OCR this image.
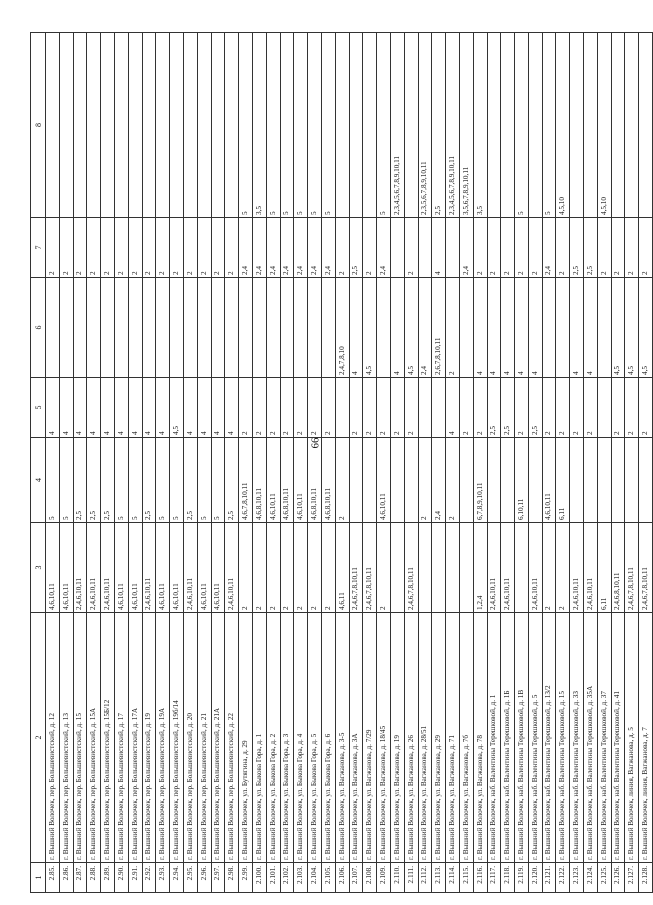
66
1	2	3	4	5	6	7	8
2.85.	г. Вышний Волочек, пер. Большевистский, д. 12	4,6,10,11	5	4		2	
2.86.	г. Вышний Волочек, пер. Большевистский, д. 13	4,6,10,11	5	4		2	
2.87.	г. Вышний Волочек, пер. Большевистский, д. 15	2,4,6,10,11	2,5	4		2	
2.88.	г. Вышний Волочек, пер. Большевистский, д. 15А	2,4,6,10,11	2,5	4		2	
2.89.	г. Вышний Волочек, пер. Большевистский, д. 15Б/12	2,4,6,10,11	2,5	4		2	
2.90.	г. Вышний Волочек, пер. Большевистский, д. 17	4,6,10,11	5	4		2	
2.91.	г. Вышний Волочек, пер. Большевистский, д. 17А	4,6,10,11	5	4		2	
2.92.	г. Вышний Волочек, пер. Большевистский, д. 19	2,4,6,10,11	2,5	4		2	
2.93.	г. Вышний Волочек, пер. Большевистский, д. 19А	4,6,10,11	5	4		2	
2.94.	г. Вышний Волочек, пер. Большевистский, д. 19б/14	4,6,10,11	5	4,5		2	
2.95.	г. Вышний Волочек, пер. Большевистский, д. 20	2,4,6,10,11	2,5	4		2	
2.96.	г. Вышний Волочек, пер. Большевистский, д. 21	4,6,10,11	5	4		2	
2.97.	г. Вышний Волочек, пер. Большевистский, д. 21А	4,6,10,11	5	4		2	
2.98.	г. Вышний Волочек, пер. Большевистский, д. 22	2,4,6,10,11	2,5	4		2	
2.99.	г. Вышний Волочек, ул. Бутягина, д. 29	2	4,6,7,8,10,11	2		2,4	5
2.100.	г. Вышний Волочек, ул. Быкова Горa, д. 1	2	4,6,8,10,11	2		2,4	3,5
2.101.	г. Вышний Волочек, ул. Быкова Горa, д. 2	2	4,6,10,11	2		2,4	5
2.102.	г. Вышний Волочек, ул. Быкова Горa, д. 3	2	4,6,8,10,11	2		2,4	5
2.103.	г. Вышний Волочек, ул. Быкова Горa, д. 4	2	4,6,10,11	2		2,4	5
2.104.	г. Вышний Волочек, ул. Быкова Горa, д. 5	2	4,6,8,10,11	2		2,4	5
2.105.	г. Вышний Волочек, ул. Быкова Горa, д. 6	2	4,6,8,10,11	2		2,4	5
2.106.	г. Вышний Волочек, ул. Вагжанова, д. 3-5	4,6,11	2		2,4,7,8,10	2	
2.107.	г. Вышний Волочек, ул. Вагжанова, д. 3А	2,4,6,7,8,10,11		2	4	2,5	
2.108.	г. Вышний Волочек, ул. Вагжанова, д. 7/29	2,4,6,7,8,10,11		2	4,5	2	
2.109.	г. Вышний Волочек, ул. Вагжанова, д. 18/45	2	4,6,10,11	2		2,4	5
2.110.	г. Вышний Волочек, ул. Вагжанова, д. 19			2	4		2,3,4,5,6,7,8,9,10,11
2.111.	г. Вышний Волочек, ул. Вагжанова, д. 26	2,4,6,7,8,10,11		2	4,5	2	
2.112.	г. Вышний Волочек, ул. Вагжанова, д. 28/51		2		2,4		2,3,5,6,7,8,9,10,11
2.113.	г. Вышний Волочек, ул. Вагжанова, д. 29		2,4		2,6,7,8,10,11	4	2,5
2.114.	г. Вышний Волочек, ул. Вагжанова, д. 71		2	4	2		2,3,4,5,6,7,8,9,10,11
2.115.	г. Вышний Волочек, ул. Вагжанова, д. 7б			2		2,4	3,5,6,7,8,9,10,11
2.116.	г. Вышний Волочек, ул. Вагжанова, д. 78	1,2,4	6,7,8,9,10,11	2	4	2	3,5
2.117.	г. Вышний Волочек, наб. Валентины Терешковой, д. 1	2,4,6,10,11		2,5	4	2	
2.118.	г. Вышний Волочек, наб. Валентины Терешковой, д. 1Б	2,4,6,10,11		2,5	4	2	
2.119.	г. Вышний Волочек, наб. Валентины Терешковой, д. 1В		6,10,11	2	4	2	5
2.120.	г. Вышний Волочек, наб. Валентины Терешковой, д. 5	2,4,6,10,11		2,5	4	2	
2.121.	г. Вышний Волочек, наб. Валентины Терешковой, д. 13/2	2	4,6,10,11	2		2,4	5
2.122.	г. Вышний Волочек, наб. Валентины Терешковой, д. 15	2	6,11	2		2	4,5,10
2.123.	г. Вышний Волочек, наб. Валентины Терешковой, д. 33	2,4,6,10,11		2	4	2,5	
2.124.	г. Вышний Волочек, наб. Валентины Терешковой, д. 35А	2,4,6,10,11		2	4	2,5	
2.125.	г. Вышний Волочек, наб. Валентины Терешковой, д. 37	6,11				2	4,5,10
2.126.	г. Вышний Волочек, наб. Валентины Терешковой, д. 41	2,4,6,8,10,11		2	4,5	2	
2.127.	г. Вышний Волочек, линия, Вагжанова, д. 5	2,4,6,7,8,10,11		2	4,5	2	
2.128.	г. Вышний Волочек, линия, Вагжанова, д. 7	2,4,6,7,8,10,11		2	4,5	2	
